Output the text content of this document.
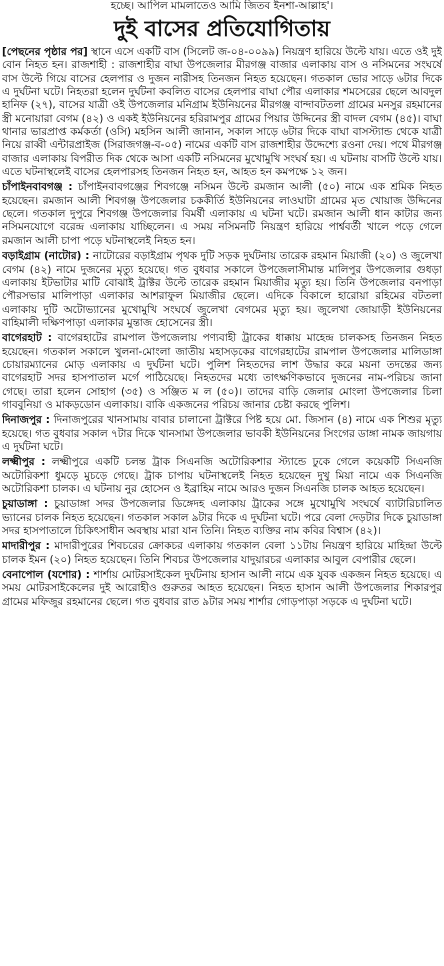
হচ্ছে। আপিল মামলাতেও আমি জিতব ইনশা-আল্লাহ'।
দুই বাসের প্রতিযোগিতায়

[পেছনের পৃষ্ঠার পর] স্থানে এসে একটি বাস (সিলেট জ-০৪-০০৯৯) নিয়ন্ত্রণ হারিয়ে উল্টে যায়। এতে ওই দুই বোন নিহত হন। রাজশাহী : রাজশাহীর বাঘা উপজেলার মীরগঞ্জ বাজার এলাকায় বাস ও নসিমনের সংঘর্ষে বাস উল্টে গিয়ে বাসের হেলপার ও দুজন নারীসহ তিনজন নিহত হয়েছেন। গতকাল ভোর সাড়ে ৬টার দিকে এ দুর্ঘটনা ঘটে। নিহতরা হলেন দুর্ঘটনা কবলিত বাসের হেলপার বাঘা পৌর এলাকার শমসেরের ছেলে আবদুল হানিফ (২৭), বাসের যাত্রী ওই উপজেলার মনিগ্রাম ইউনিয়নের মীরগঞ্জ বান্দাবটতলা গ্রামের মনসুর রহমানের স্ত্রী মনোয়ারা বেগম (৪২) ও একই ইউনিয়নের হরিরামপুর গ্রামের পিয়ার উদ্দিনের স্ত্রী বাদল বেগম (৪৫)। বাঘা থানার ভারপ্রাপ্ত কর্মকর্তা (ওসি) মহসিন আলী জানান, সকাল সাড়ে ৬টার দিকে বাঘা বাসস্ট্যান্ড থেকে যাত্রী নিয়ে রাব্বী এন্টারপ্রাইজ (সিরাজগঞ্জ-ব-০৫) নামের একটি বাস রাজশাহীর উদ্দেশ্যে রওনা দেয়। পথে মীরগঞ্জ বাজার এলাকায় বিপরীত দিক থেকে আসা একটি নসিমনের মুখোমুখি সংঘর্ষ হয়। এ ঘটনায় বাসটি উল্টে যায়। এতে ঘটনাস্থলেই বাসের হেলপারসহ তিনজন নিহত হন, আহত হন কমপক্ষে ১২ জন।

চাঁপাইনবাবগঞ্জ : চাঁপাইনবাবগঞ্জের শিবগঞ্জে নসিমন উল্টে রমজান আলী (৫০) নামে এক শ্রমিক নিহত হয়েছেন। রমজান আলী শিবগঞ্জ উপজেলার চককীর্তি ইউনিয়নের লাওঘাটা গ্রামের মৃত খোয়াজ উদ্দিনের ছেলে। গতকাল দুপুরে শিবগঞ্জ উপজেলার বিমর্ষী এলাকায় এ ঘটনা ঘটে। রমজান আলী ধান কাটার জন্য নসিমনযোগে বরেন্দ্র এলাকায় যাচ্ছিলেন। এ সময় নসিমনটি নিয়ন্ত্রণ হারিয়ে পার্শ্ববর্তী খালে পড়ে গেলে রমজান আলী চাপা পড়ে ঘটনাস্থলেই নিহত হন।

বড়াইগ্রাম (নাটোর) : নাটোরের বড়াইগ্রাম পৃথক দুটি সড়ক দুর্ঘটনায় তারেক রহমান মিয়াজী (২০) ও জুলেখা বেগম (৪২) নামে দুজনের মৃত্যু হয়েছে। গত বুধবার সকালে উপজেলাসীমান্ত মালিপুর উপজেলার গুধড়া এলাকায় ইটভাটার মাটি বোঝাই ট্রাক্টর উল্টে তারেক রহমান মিয়াজীর মৃত্যু হয়। তিনি উপজেলার বনপাড়া পৌরসভার মালিপাড়া এলাকার আশরাফুল মিয়াজীর ছেলে। এদিকে বিকালে হারোয়া রহিমের বটতলা এলাকায় দুটি অটোভ্যানের মুখোমুখি সংঘর্ষে জুলেখা বেগমের মৃত্যু হয়। জুলেখা জোয়াড়ী ইউনিয়নের বাহিমালী দক্ষিণপাড়া এলাকার মুন্তাজ হোসেনের স্ত্রী।

বাগেরহাট : বাগেরহাটের রামপাল উপজেলায় পণ্যবাহী ট্রাকের ধাক্কায় মাহেন্দ্র চালকসহ তিনজন নিহত হয়েছেন। গতকাল সকালে খুলনা-মোংলা জাতীয় মহাসড়কের বাগেরহাটের রামপাল উপজেলার মালিডাঙ্গা চোয়ারম্যানের মোড় এলাকায় এ দুর্ঘটনা ঘটে। পুলিশ নিহতদের লাশ উদ্ধার করে ময়না তদন্তের জন্য বাগেরহাট সদর হাসপাতাল মর্গে পাঠিয়েছে। নিহতদের মধ্যে তাৎক্ষণিকভাবে দুজনের নাম-পরিচয় জানা গেছে। তারা হলেন সোহাগ (৩৫) ও সঞ্জিত ম ল (৫০)। তাদের বাড়ি জেলার মোংলা উপজেলার চিলা গাববুনিয়া ও মাকড়ডোন এলাকায়। বাকি একজনের পরিচয় জানার চেষ্টা করছে পুলিশ।

দিনাজপুর : দিনাজপুরের খানসামায় বাবার চালানো ট্রাক্টরে পিষ্ট হয়ে মো. জিসান (৪) নামে এক শিশুর মৃত্যু হয়েছে। গত বুধবার সকাল ৭টার দিকে খানসামা উপজেলার ভাবকী ইউনিয়নের সিংগের ডাঙ্গা নামক জায়গায় এ দুর্ঘটনা ঘটে।

লক্ষ্মীপুর : লক্ষ্মীপুরে একটি চলন্ত ট্রাক সিএনজি অটোরিকশার স্ট্যান্ডে ঢুকে গেলে কয়েকটি সিএনজি অটোরিকশা ধুমড়ে মুচড়ে গেছে। ট্রাক চাপায় ঘটনাস্থলেই নিহত হয়েছেন দুখু মিয়া নামে এক সিএনজি অটোরিকশা চালক। এ ঘটনায় নুর হোসেন ও ইব্রাহিম নামে আরও দুজন সিএনজি চালক আহত হয়েছেন।

চুয়াডাঙ্গা : চুয়াডাঙ্গা সদর উপজেলার ডিঙ্গেদহ এলাকায় ট্রাকের সঙ্গে মুখোমুখি সংঘর্ষে ব্যাটারিচালিত ভ্যানের চালক নিহত হয়েছেন। গতকাল সকাল ৯টার দিকে এ দুর্ঘটনা ঘটে। পরে বেলা দেড়টার দিকে চুয়াডাঙ্গা সদর হাসপাতালে চিকিৎসাধীন অবস্থায় মারা যান তিনি। নিহত ব্যক্তির নাম কবির বিশ্বাস (৪২)।

মাদারীপুর : মাদারীপুরের শিবচরের ক্রোকচর এলাকায় গতকাল বেলা ১১টায় নিয়ন্ত্রণ হারিয়ে মাহিন্দ্রা উল্টে চালক ইমন (২০) নিহত হয়েছেন। তিনি শিবচর উপজেলার যাদুয়ারচর এলাকার আবুল বেপারীর ছেলে।

বেনাপোল (যশোর) : শার্শায় মোটরসাইকেল দুর্ঘটনায় হাসান আলী নামে এক যুবক একজন নিহত হয়েছে। এ সময় মোটরসাইকেলের দুই আরোহীও গুরুতর আহত হয়েছেন। নিহত হাসান আলী উপজেলার শিকারপুর গ্রামের মফিজুর রহমানের ছেলে। গত বুধবার রাত ৯টার সময় শার্শার গোড়পাড়া সড়কে এ দুর্ঘটনা ঘটে।
